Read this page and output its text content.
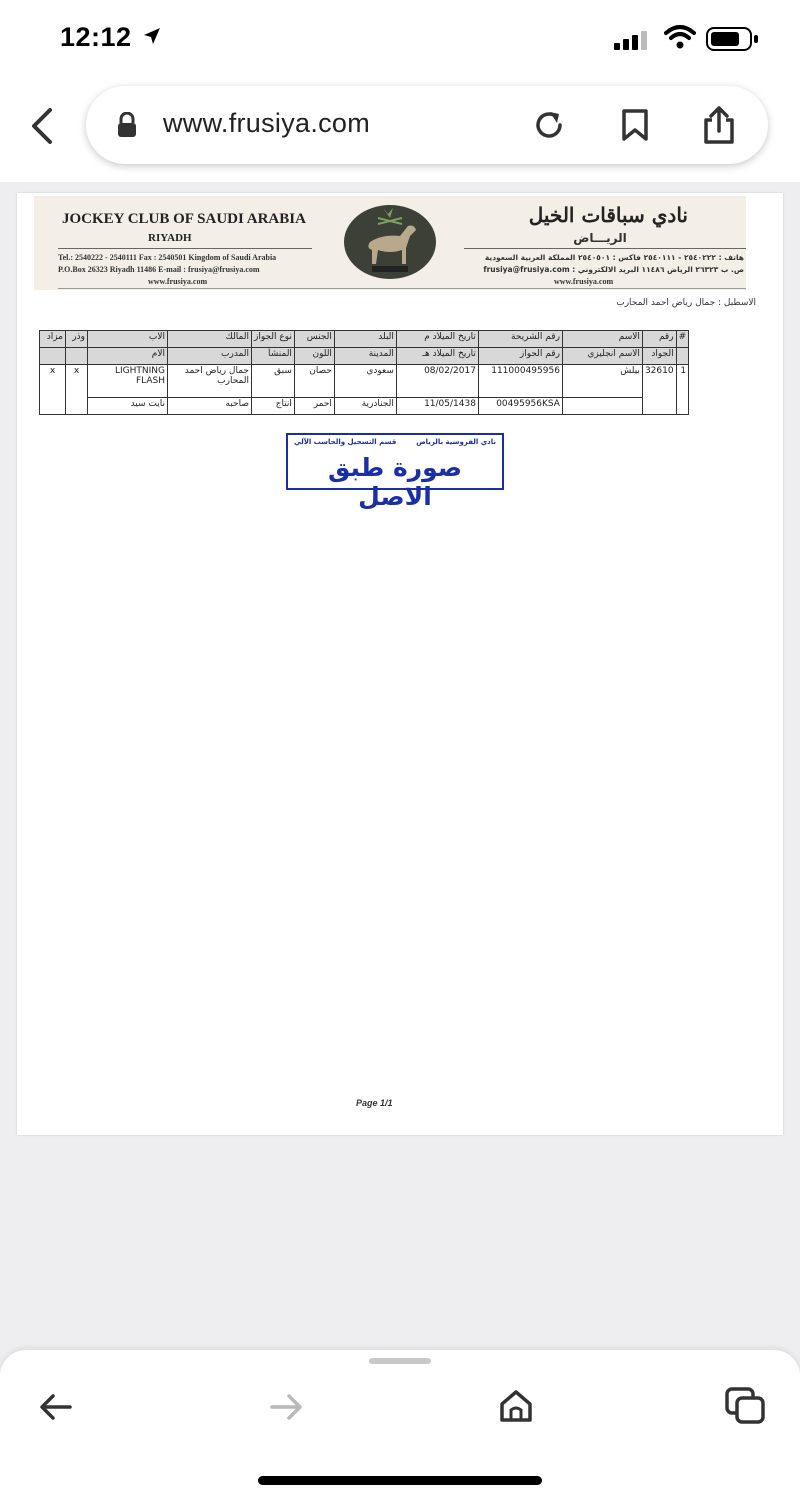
12:12
www.frusiya.com
JOCKEY CLUB OF SAUDI ARABIA
RIYADH
Tel.: 2540222 - 2540111 Fax : 2540501 Kingdom of Saudi Arabia
P.O.Box 26323 Riyadh 11486 E-mail : frusiya@frusiya.com
www.frusiya.com
نادي سباقات الخيل
الريـــاض
هاتف : ٢٥٤٠٢٢٢ - ٢٥٤٠١١١ فاكس : ٢٥٤٠٥٠١ المملكة العربية السعودية
ص. ب ٢٦٣٢٣ الرياض ١١٤٨٦ البريد الالكتروني : frusiya@frusiya.com
www.frusiya.com
الاسطبل : جمال رياض احمد المحارب
#	رقم	الاسم	رقم الشريحة	تاريخ الميلاد م	البلد	الجنس	نوع الجواز	المالك	الاب	وذر	مزاد
	الجواد	الاسم انجليزي	رقم الجواز	تاريخ الميلاد هـ	المدينة	اللون	المنشأ	المدرب	الام		
1	32610	بيلش	111000495956	08/02/2017	سعودي	حصان	سبق	جمال رياض احمد المحارب	LIGHTNING FLASH	x	x
			00495956KSA	11/05/1438	الجنادرية	احمر	انتاج	صاحبه	نايت سيد		
نادي الفروسية بالرياض
قسم التسجيل والحاسب الآلي
صورة طبق الاصل
Page 1/1
